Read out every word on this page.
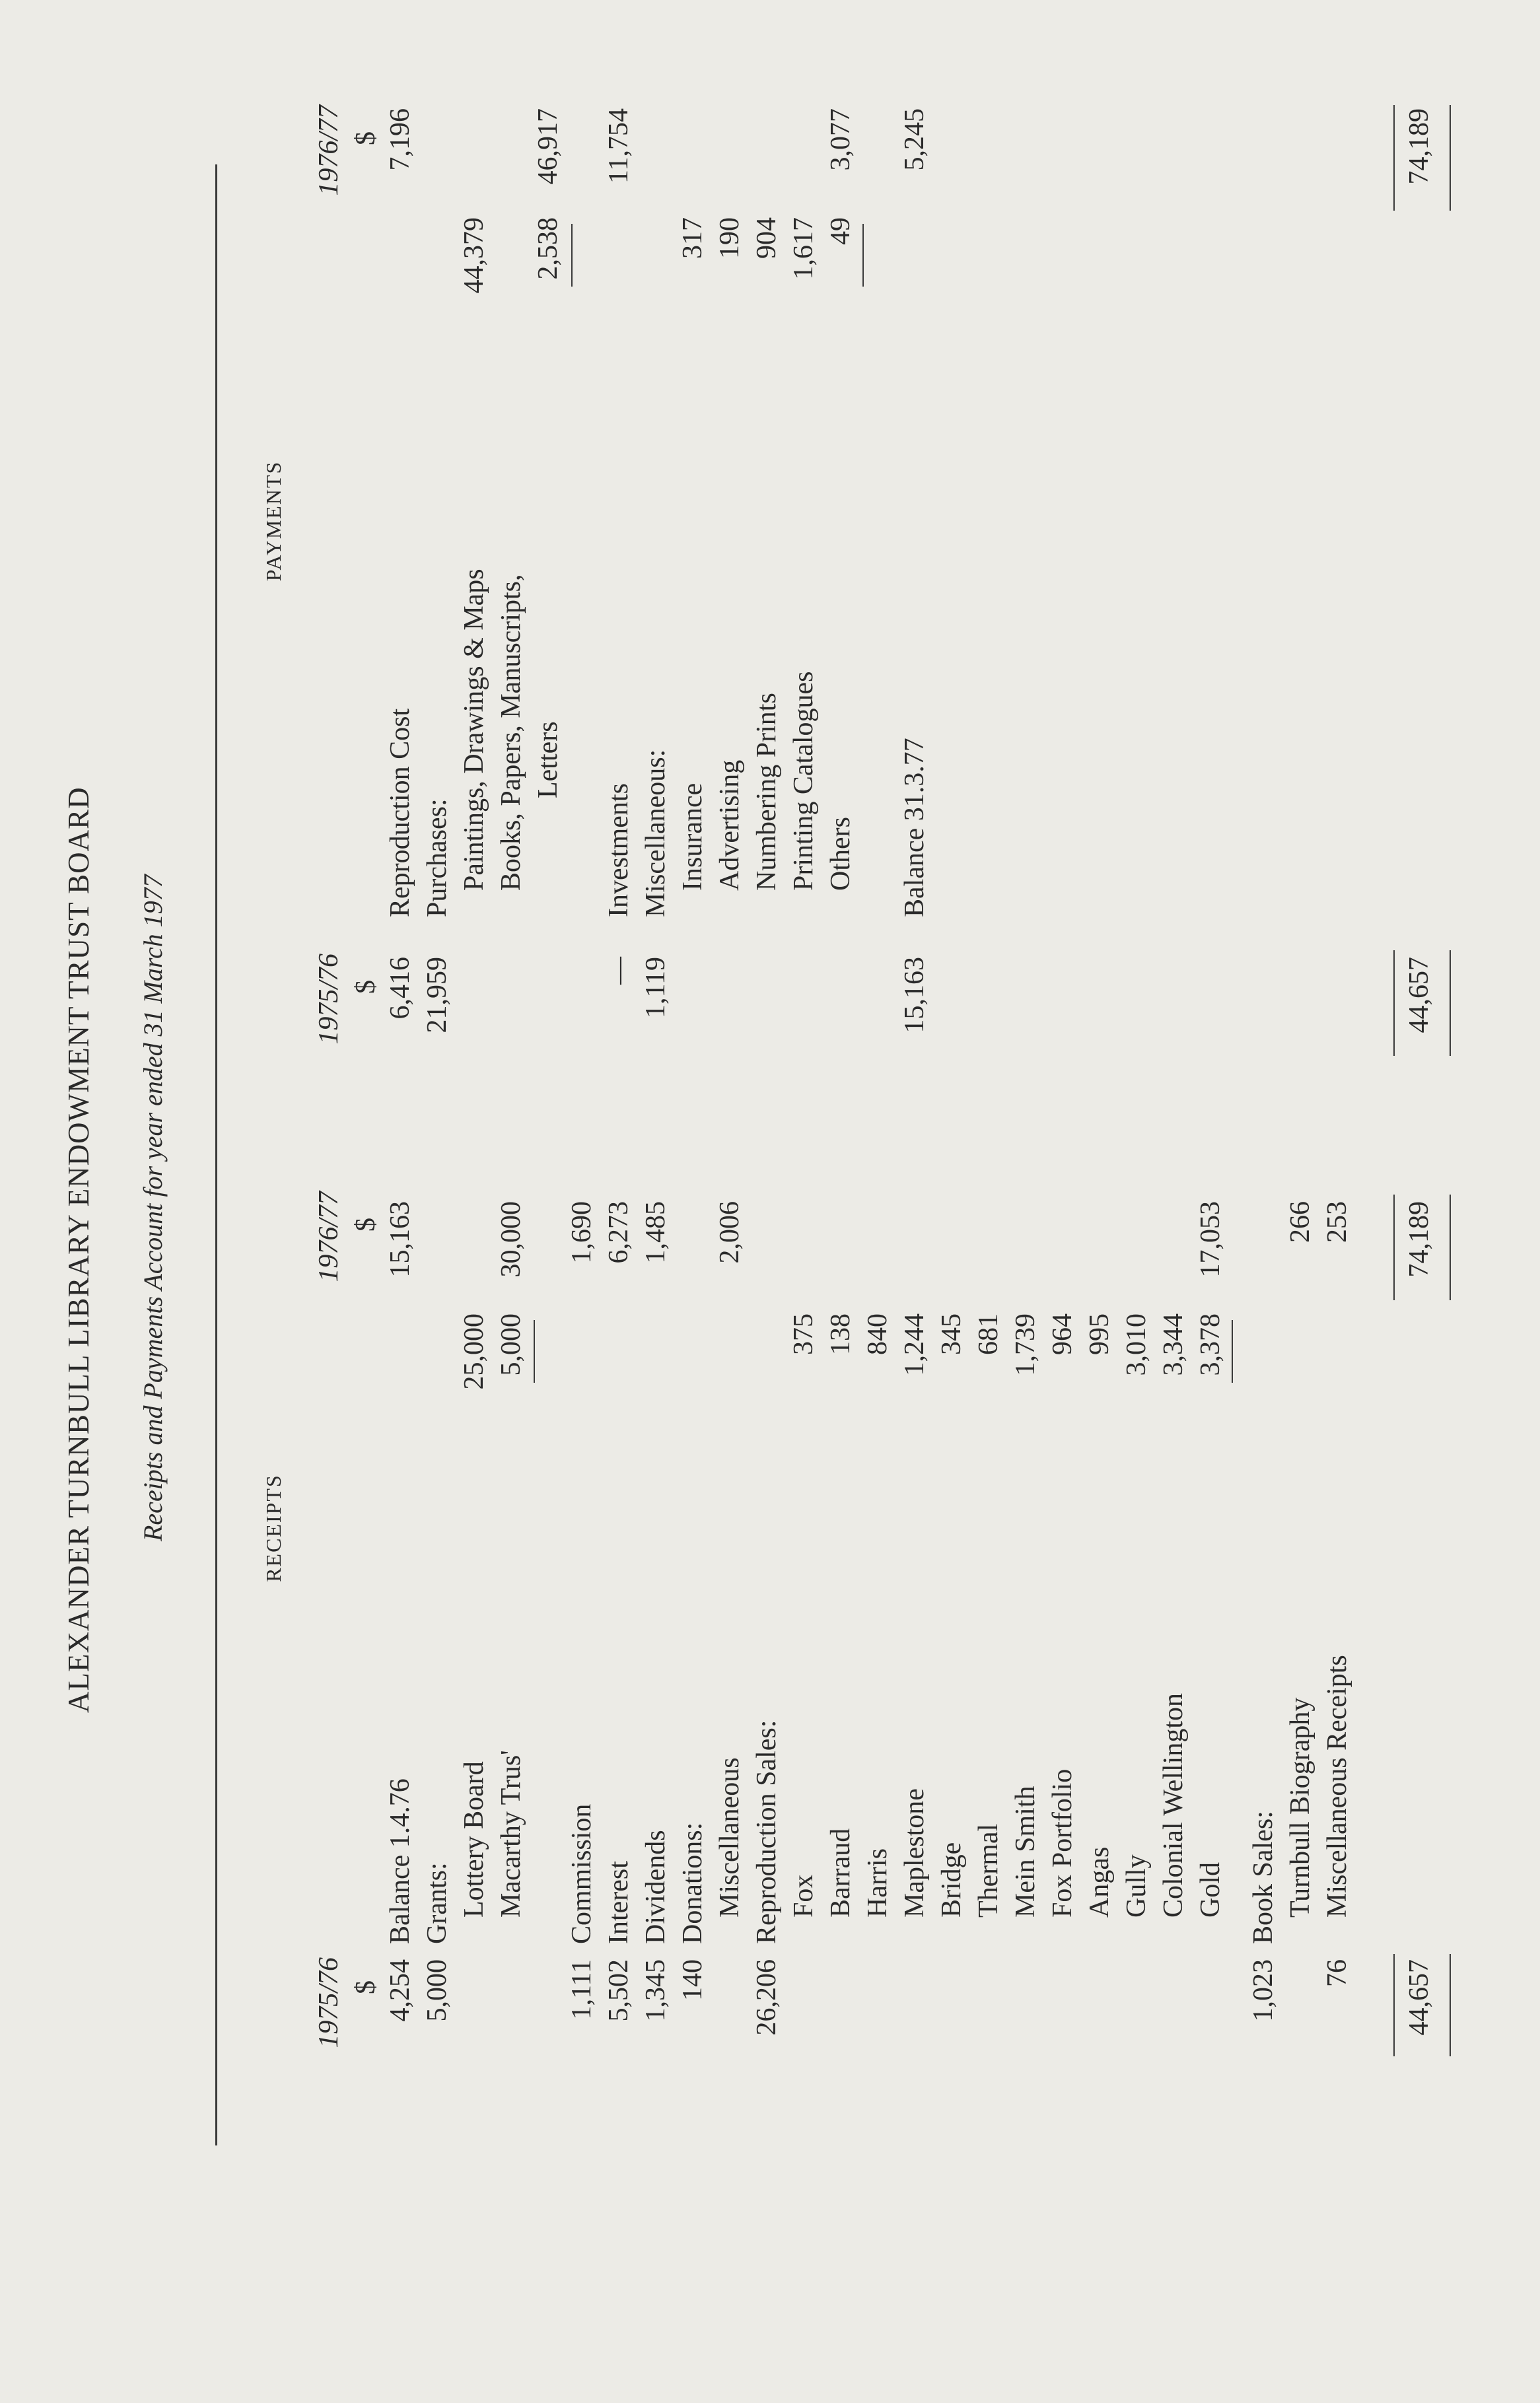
ALEXANDER TURNBULL LIBRARY ENDOWMENT TRUST BOARD Receipts and Payments Account for year ended 31 March 1977	RECEIPTS
PAYMENTS
1975/76 $
1976/77 $
1975/76 $
1976/77 $
4,254
Balance 1.4.76
15,163
5,000
Grants: Lottery Board
25,000
Macarthy Trus'
5,000
30,000
1,111
Commission
1,690
5,502
Interest
6,273
1,345
Dividends
1,485
140
Donations: Miscellaneous
2,006
26,206
Reproduction Sales: Fox
375
Barraud
138
Harris
840
Maplestone
1,244
Bridge
345
Thermal
681
Mein Smith
1,739
Fox Portfolio
964
Angas
995
Gully
3,010
Colonial Wellington
3,344
Gold
3,378
17,053
1,023
Book Sales: Turnbull Biography
266
76
Miscellaneous Receipts
253
44,657
74,189
6,416
Reproduction Cost
7,196
21,959
Purchases: Paintings, Drawings & Maps
44,379
Books, Papers, Manuscripts, Letters
2,538
46,917
—
Investments
11,754
1,119
Miscellaneous: Insurance
317
Advertising
190
Numbering Prints
904
Printing Catalogues
1,617
Others
49
3,077
15,163
Balance 31.3.77
5,245
44,657
74,189
